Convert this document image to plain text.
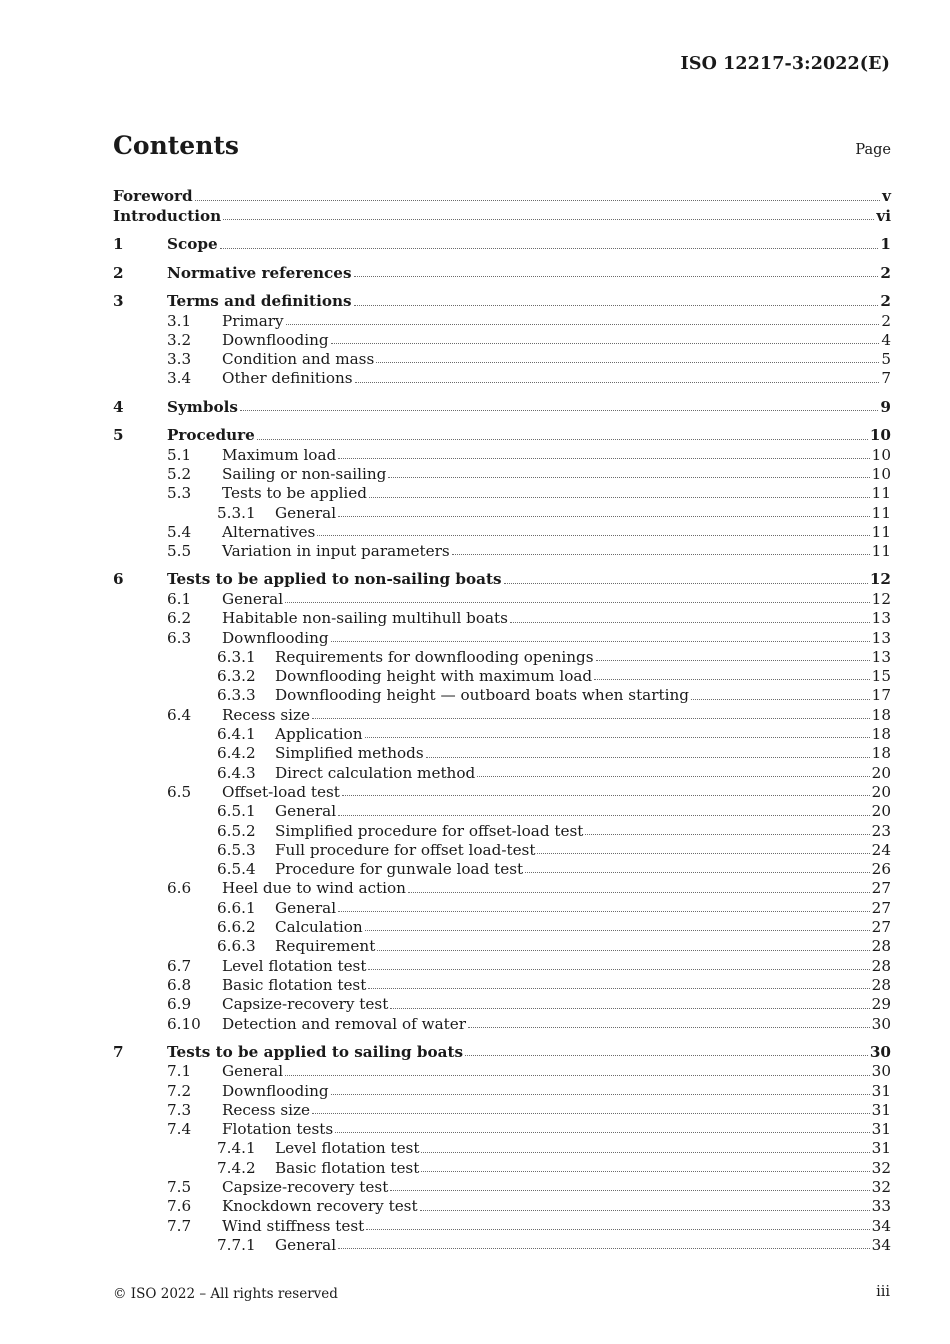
ISO 12217-3:2022(E)
Contents	Page
Foreword	v
Introduction	vi
1	Scope	1
2	Normative references	2
3	Terms and definitions	2
3.1	Primary	2
3.2	Downflooding	4
3.3	Condition and mass	5
3.4	Other definitions	7
4	Symbols	9
5	Procedure	10
5.1	Maximum load	10
5.2	Sailing or non-sailing	10
5.3	Tests to be applied	11
5.3.1	General	11
5.4	Alternatives	11
5.5	Variation in input parameters	11
6	Tests to be applied to non-sailing boats	12
6.1	General	12
6.2	Habitable non-sailing multihull boats	13
6.3	Downflooding	13
6.3.1	Requirements for downflooding openings	13
6.3.2	Downflooding height with maximum load	15
6.3.3	Downflooding height — outboard boats when starting	17
6.4	Recess size	18
6.4.1	Application	18
6.4.2	Simplified methods	18
6.4.3	Direct calculation method	20
6.5	Offset-load test	20
6.5.1	General	20
6.5.2	Simplified procedure for offset-load test	23
6.5.3	Full procedure for offset load-test	24
6.5.4	Procedure for gunwale load test	26
6.6	Heel due to wind action	27
6.6.1	General	27
6.6.2	Calculation	27
6.6.3	Requirement	28
6.7	Level flotation test	28
6.8	Basic flotation test	28
6.9	Capsize-recovery test	29
6.10	Detection and removal of water	30
7	Tests to be applied to sailing boats	30
7.1	General	30
7.2	Downflooding	31
7.3	Recess size	31
7.4	Flotation tests	31
7.4.1	Level flotation test	31
7.4.2	Basic flotation test	32
7.5	Capsize-recovery test	32
7.6	Knockdown recovery test	33
7.7	Wind stiffness test	34
7.7.1	General	34
© ISO 2022 – All rights reserved	iii
